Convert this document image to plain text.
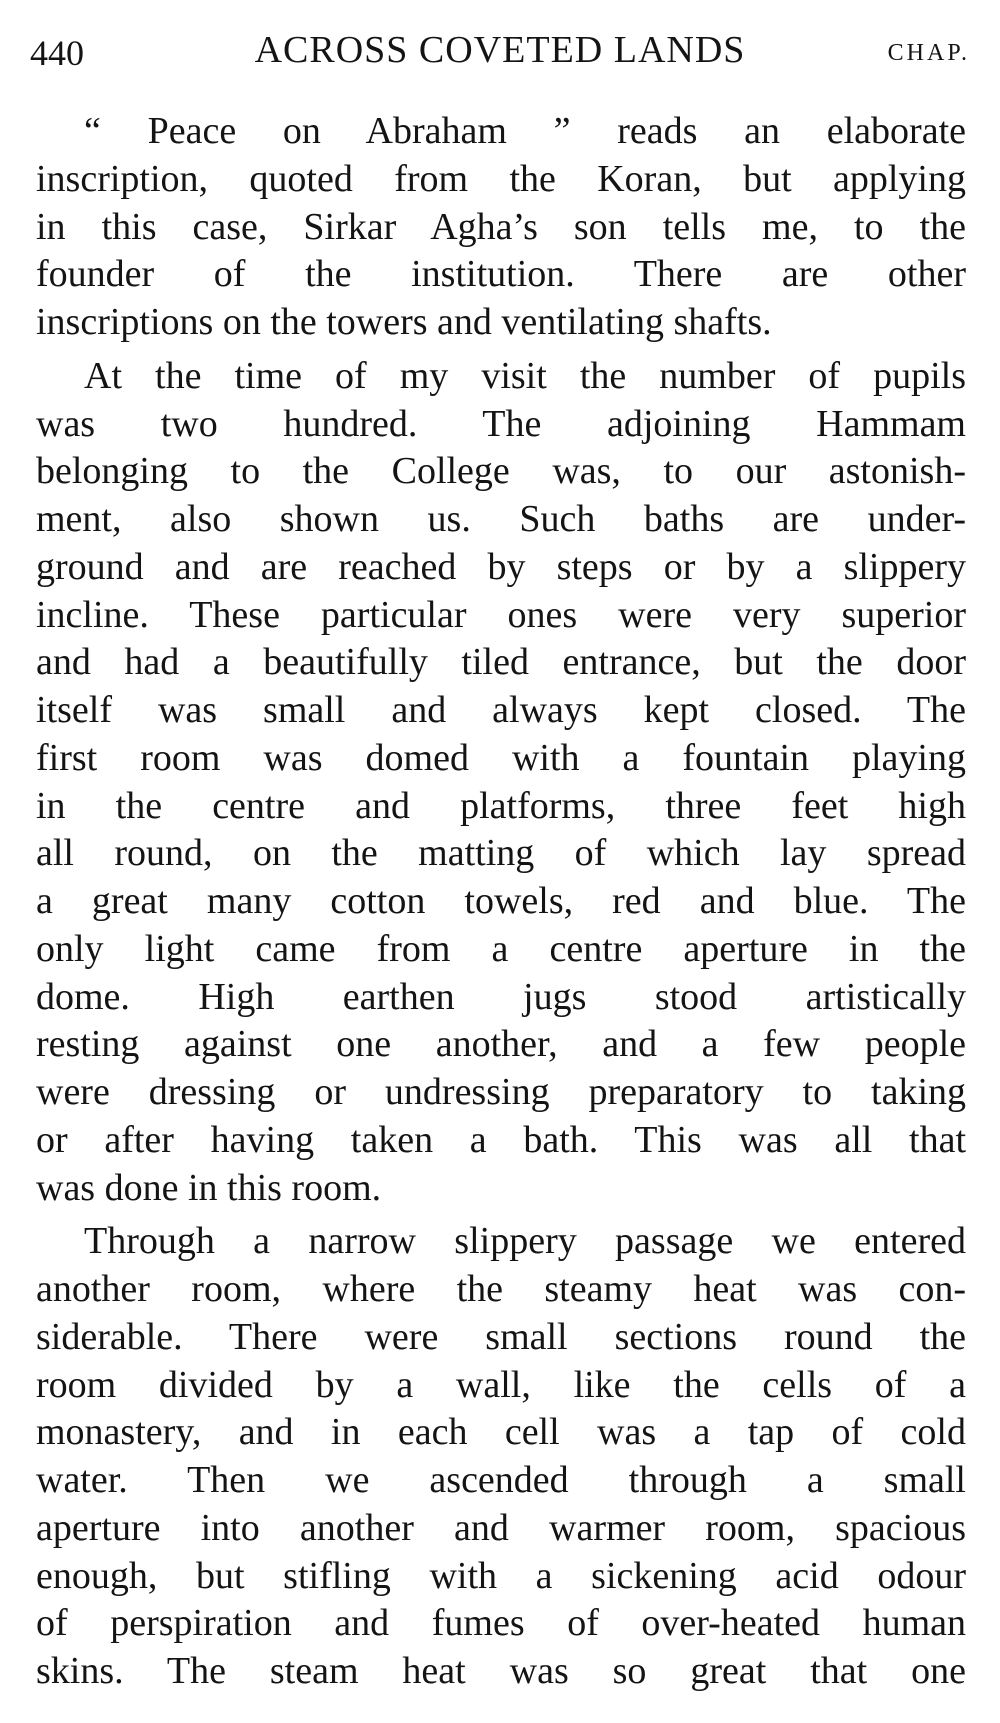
440	ACROSS COVETED LANDS	CHAP.
“ Peace on Abraham ” reads an elaborate
inscription, quoted from the Koran, but applying
in this case, Sirkar Agha’s son tells me, to the
founder of the institution. There are other
inscriptions on the towers and ventilating shafts.
At the time of my visit the number of pupils
was two hundred. The adjoining Hammam
belonging to the College was, to our astonish-
ment, also shown us. Such baths are under-
ground and are reached by steps or by a slippery
incline. These particular ones were very superior
and had a beautifully tiled entrance, but the door
itself was small and always kept closed. The
first room was domed with a fountain playing
in the centre and platforms, three feet high
all round, on the matting of which lay spread
a great many cotton towels, red and blue. The
only light came from a centre aperture in the
dome. High earthen jugs stood artistically
resting against one another, and a few people
were dressing or undressing preparatory to taking
or after having taken a bath. This was all that
was done in this room.
Through a narrow slippery passage we entered
another room, where the steamy heat was con-
siderable. There were small sections round the
room divided by a wall, like the cells of a
monastery, and in each cell was a tap of cold
water. Then we ascended through a small
aperture into another and warmer room, spacious
enough, but stifling with a sickening acid odour
of perspiration and fumes of over-heated human
skins. The steam heat was so great that one
